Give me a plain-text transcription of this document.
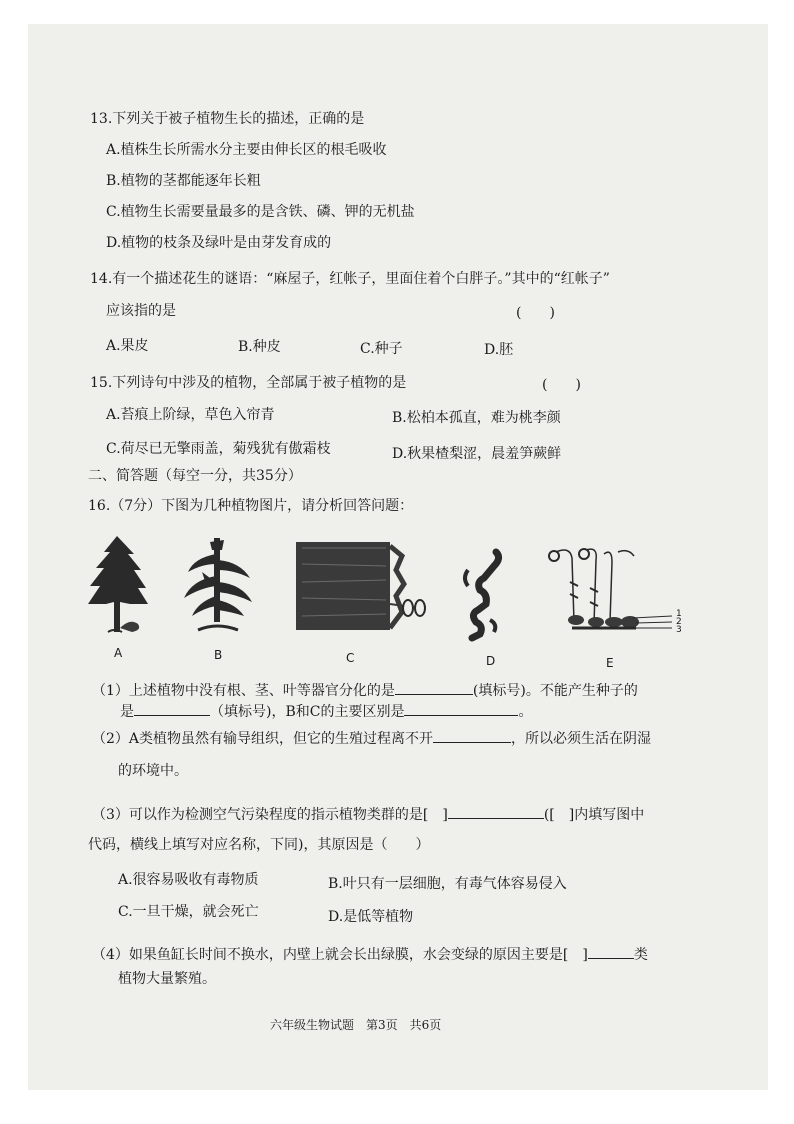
13.下列关于被子植物生长的描述，正确的是
A.植株生长所需水分主要由伸长区的根毛吸收
B.植物的茎都能逐年长粗
C.植物生长需要量最多的是含铁、磷、钾的无机盐
D.植物的枝条及绿叶是由芽发育成的
14.有一个描述花生的谜语：“麻屋子，红帐子，里面住着个白胖子。”其中的“红帐子”
应该指的是	(　　)
A.果皮	B.种皮	C.种子	D.胚
15.下列诗句中涉及的植物，全部属于被子植物的是	(　　)
A.苔痕上阶绿，草色入帘青	B.松柏本孤直，难为桃李颜
C.荷尽已无擎雨盖，菊残犹有傲霜枝	D.秋果楂梨涩，晨羞笋蕨鲜
二、简答题（每空一分，共35分）
16.（7分）下图为几种植物图片，请分析回答问题：
1
2
3
A	B	C	D	E
（1）上述植物中没有根、茎、叶等器官分化的是	(填标号)。不能产生种子的
是	（填标号)，B和C的主要区别是	。
（2）A类植物虽然有输导组织，但它的生殖过程离不开	，所以必须生活在阴湿
的环境中。
（3）可以作为检测空气污染程度的指示植物类群的是[　]	([　]内填写图中
代码，横线上填写对应名称，下同)，其原因是（　　）
A.很容易吸收有毒物质	B.叶只有一层细胞，有毒气体容易侵入
C.一旦干燥，就会死亡	D.是低等植物
（4）如果鱼缸长时间不换水，内壁上就会长出绿膜，水会变绿的原因主要是[　]	类
植物大量繁殖。
六年级生物试题　第3页　共6页
